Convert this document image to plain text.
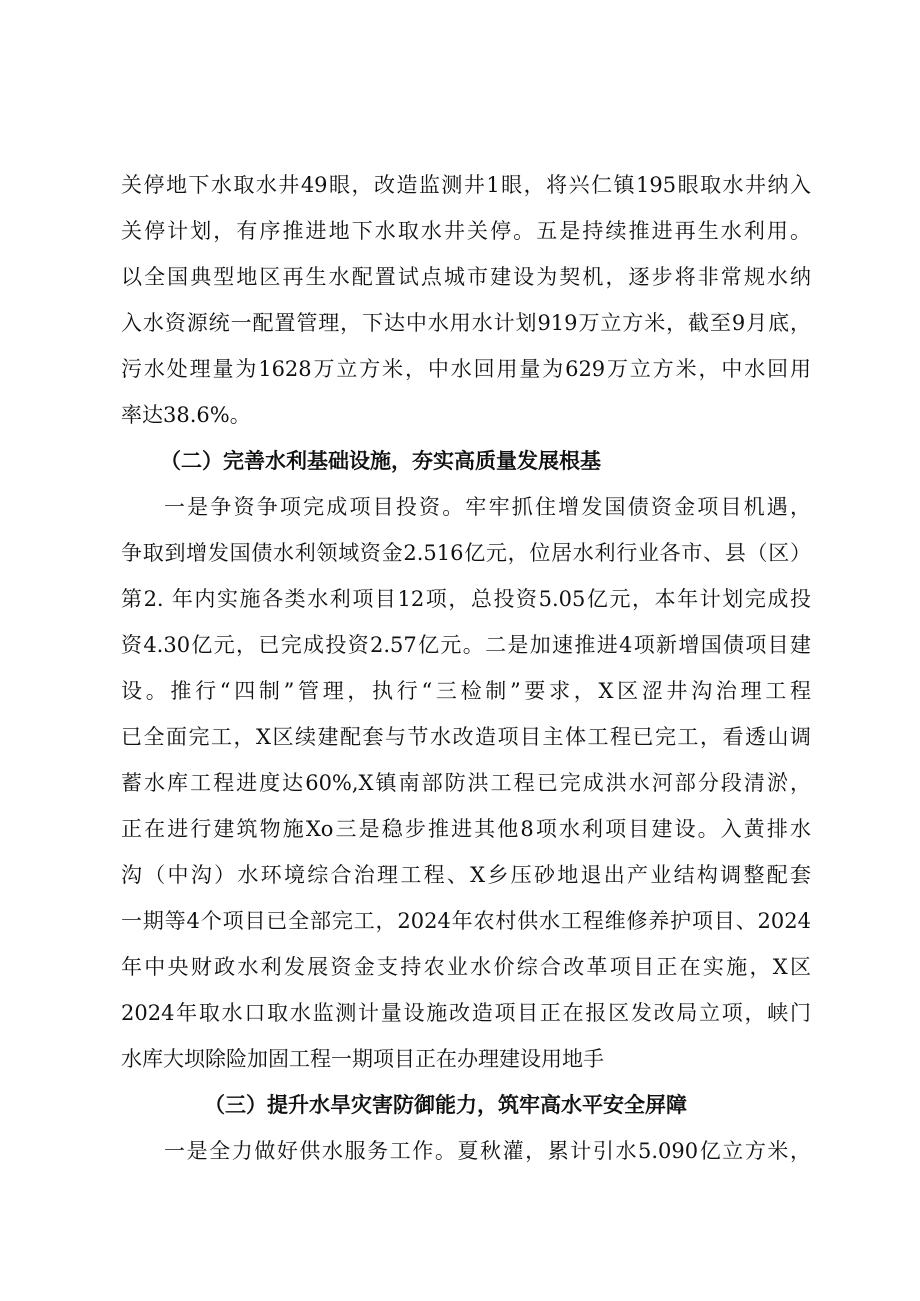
关停地下水取水井49眼，改造监测井1眼，将兴仁镇195眼取水井纳入
关停计划，有序推进地下水取水井关停。五是持续推进再生水利用。
以全国典型地区再生水配置试点城市建设为契机，逐步将非常规水纳
入水资源统一配置管理，下达中水用水计划919万立方米，截至9月底，
污水处理量为1628万立方米，中水回用量为629万立方米，中水回用
率达38.6%。
（二）完善水利基础设施，夯实高质量发展根基
一是争资争项完成项目投资。牢牢抓住增发国债资金项目机遇，
争取到增发国债水利领域资金2.516亿元，位居水利行业各市、县（区）
第2. 年内实施各类水利项目12项，总投资5.05亿元，本年计划完成投
资4.30亿元，已完成投资2.57亿元。二是加速推进4项新增国债项目建
设。推行“四制”管理，执行“三检制”要求，X区涩井沟治理工程
已全面完工，X区续建配套与节水改造项目主体工程已完工，看透山调
蓄水库工程进度达60%,X镇南部防洪工程已完成洪水河部分段清淤，
正在进行建筑物施Xo三是稳步推进其他8项水利项目建设。入黄排水
沟（中沟）水环境综合治理工程、X乡压砂地退出产业结构调整配套
一期等4个项目已全部完工，2024年农村供水工程维修养护项目、2024
年中央财政水利发展资金支持农业水价综合改革项目正在实施，X区
2024年取水口取水监测计量设施改造项目正在报区发改局立项，峡门
水库大坝除险加固工程一期项目正在办理建设用地手
（三）提升水旱灾害防御能力，筑牢高水平安全屏障
一是全力做好供水服务工作。夏秋灌，累计引水5.090亿立方米，
